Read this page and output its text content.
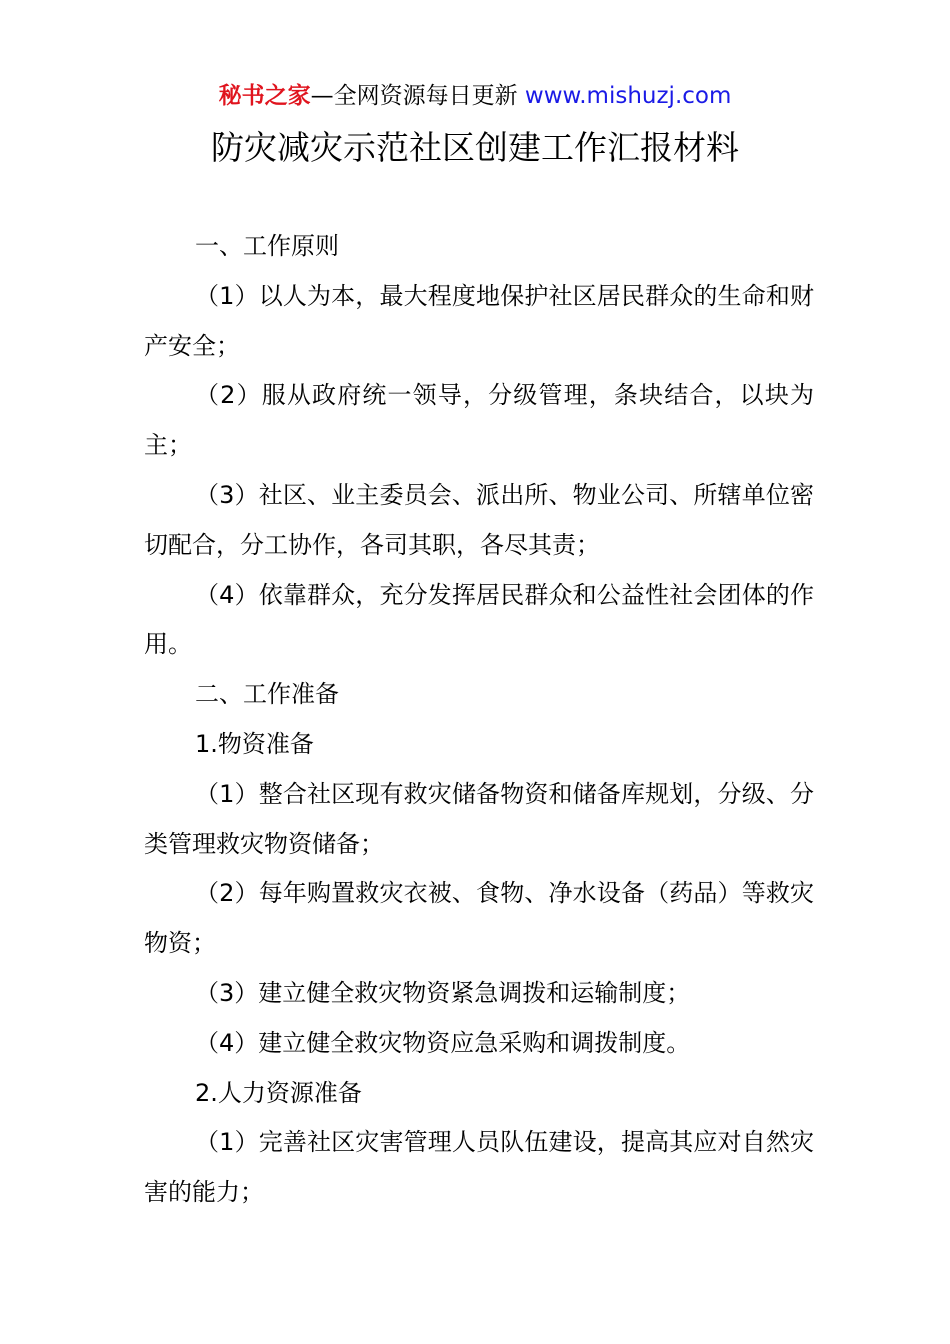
秘书之家—全网资源每日更新 www.mishuzj.com
防灾减灾示范社区创建工作汇报材料

一、工作原则

（1）以人为本，最大程度地保护社区居民群众的生命和财产安全；

（2）服从政府统一领导，分级管理，条块结合，以块为主；

（3）社区、业主委员会、派出所、物业公司、所辖单位密切配合，分工协作，各司其职，各尽其责；

（4）依靠群众，充分发挥居民群众和公益性社会团体的作用。

二、工作准备

1.物资准备

（1）整合社区现有救灾储备物资和储备库规划，分级、分类管理救灾物资储备；

（2）每年购置救灾衣被、食物、净水设备（药品）等救灾物资；

（3）建立健全救灾物资紧急调拨和运输制度；

（4）建立健全救灾物资应急采购和调拨制度。

2.人力资源准备

（1）完善社区灾害管理人员队伍建设，提高其应对自然灾害的能力；
